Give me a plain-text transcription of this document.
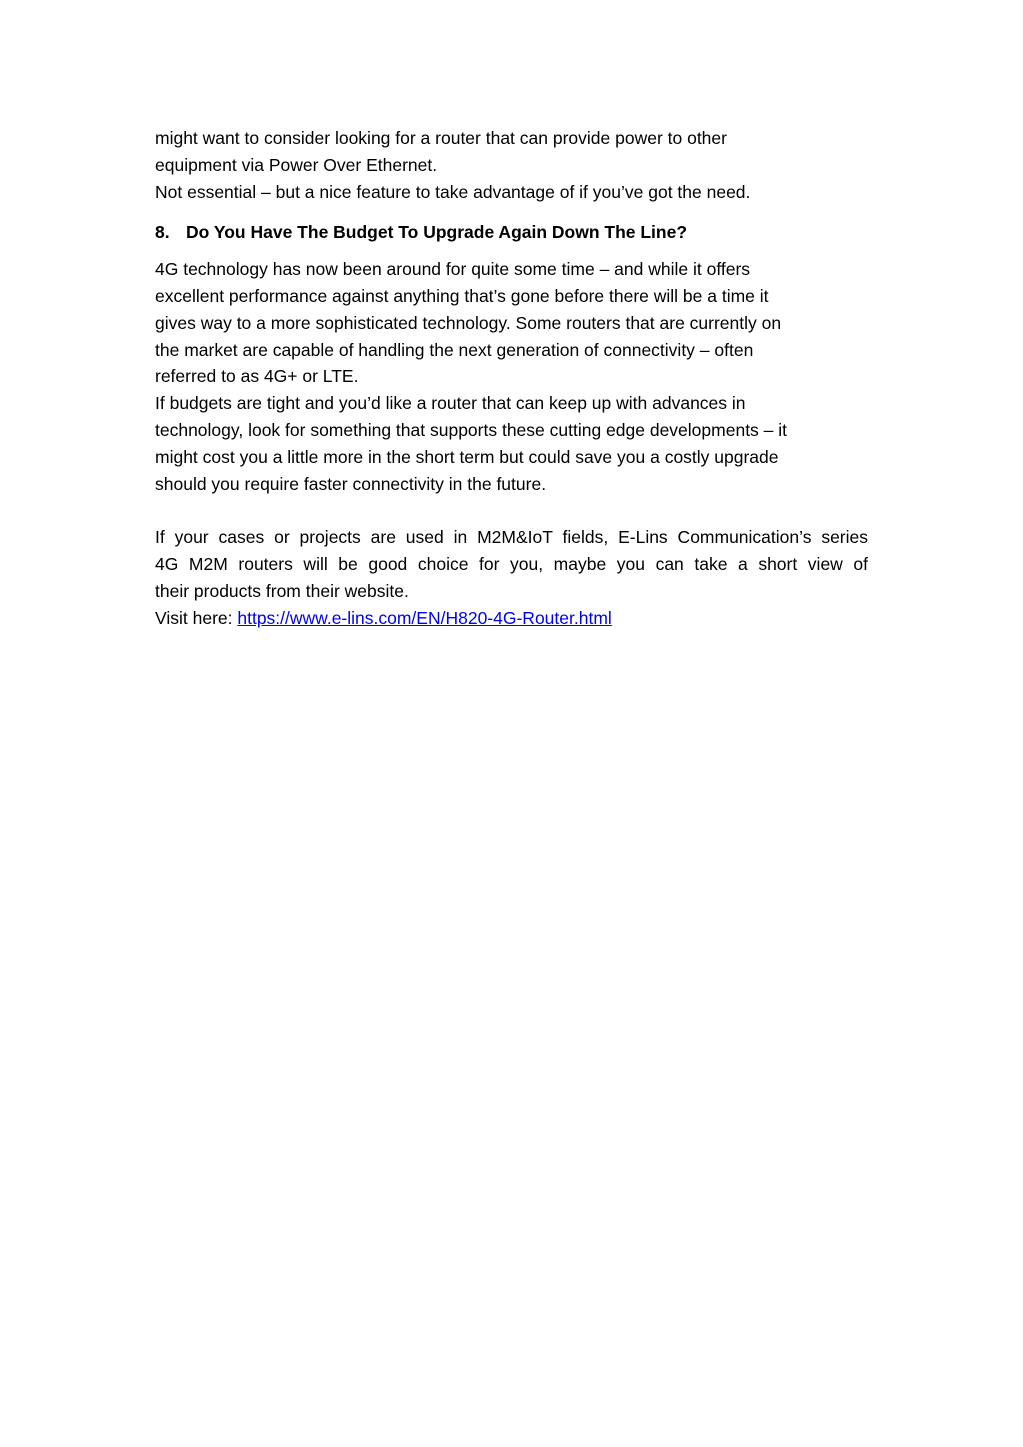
might want to consider looking for a router that can provide power to other
equipment via Power Over Ethernet.
Not essential – but a nice feature to take advantage of if you’ve got the need.
8. Do You Have The Budget To Upgrade Again Down The Line?
4G technology has now been around for quite some time – and while it offers
excellent performance against anything that’s gone before there will be a time it
gives way to a more sophisticated technology. Some routers that are currently on
the market are capable of handling the next generation of connectivity – often
referred to as 4G+ or LTE.
If budgets are tight and you’d like a router that can keep up with advances in
technology, look for something that supports these cutting edge developments – it
might cost you a little more in the short term but could save you a costly upgrade
should you require faster connectivity in the future.
If your cases or projects are used in M2M&IoT fields, E-Lins Communication’s series
4G M2M routers will be good choice for you, maybe you can take a short view of
their products from their website.
Visit here: https://www.e-lins.com/EN/H820-4G-Router.html
